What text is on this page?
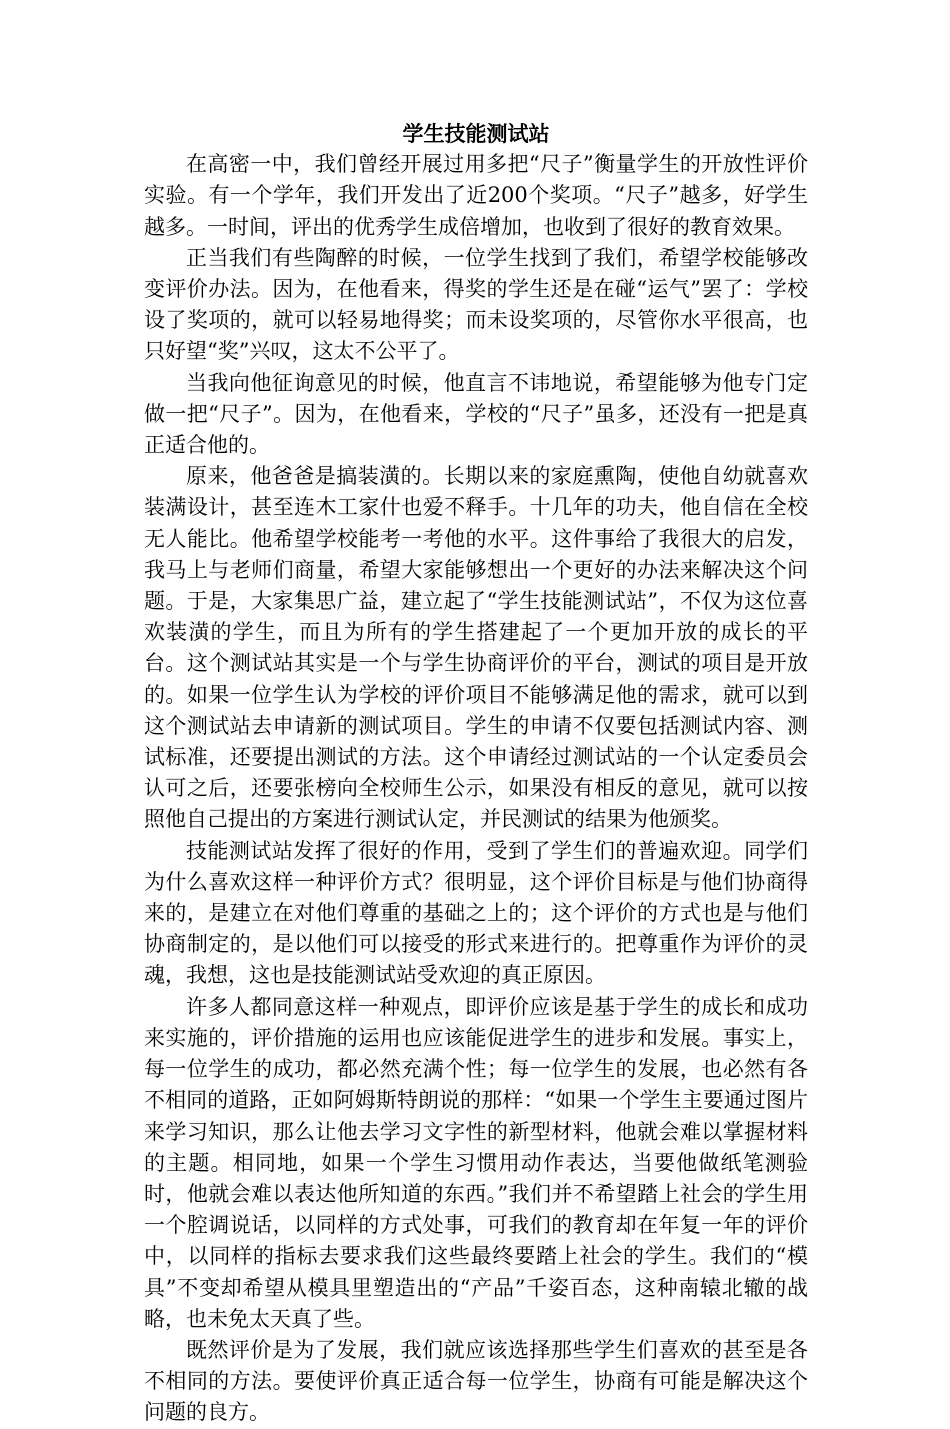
学生技能测试站

在高密一中，我们曾经开展过用多把“尺子”衡量学生的开放性评价实验。有一个学年，我们开发出了近200个奖项。“尺子”越多，好学生越多。一时间，评出的优秀学生成倍增加，也收到了很好的教育效果。

正当我们有些陶醉的时候，一位学生找到了我们，希望学校能够改变评价办法。因为，在他看来，得奖的学生还是在碰“运气”罢了：学校设了奖项的，就可以轻易地得奖；而未设奖项的，尽管你水平很高，也只好望“奖”兴叹，这太不公平了。

当我向他征询意见的时候，他直言不讳地说，希望能够为他专门定做一把“尺子”。因为，在他看来，学校的“尺子”虽多，还没有一把是真正适合他的。

原来，他爸爸是搞装潢的。长期以来的家庭熏陶，使他自幼就喜欢装满设计，甚至连木工家什也爱不释手。十几年的功夫，他自信在全校无人能比。他希望学校能考一考他的水平。这件事给了我很大的启发，我马上与老师们商量，希望大家能够想出一个更好的办法来解决这个问题。于是，大家集思广益，建立起了“学生技能测试站”，不仅为这位喜欢装潢的学生，而且为所有的学生搭建起了一个更加开放的成长的平台。这个测试站其实是一个与学生协商评价的平台，测试的项目是开放的。如果一位学生认为学校的评价项目不能够满足他的需求，就可以到这个测试站去申请新的测试项目。学生的申请不仅要包括测试内容、测试标准，还要提出测试的方法。这个申请经过测试站的一个认定委员会认可之后，还要张榜向全校师生公示，如果没有相反的意见，就可以按照他自己提出的方案进行测试认定，并民测试的结果为他颁奖。

技能测试站发挥了很好的作用，受到了学生们的普遍欢迎。同学们为什么喜欢这样一种评价方式？很明显，这个评价目标是与他们协商得来的，是建立在对他们尊重的基础之上的；这个评价的方式也是与他们协商制定的，是以他们可以接受的形式来进行的。把尊重作为评价的灵魂，我想，这也是技能测试站受欢迎的真正原因。

许多人都同意这样一种观点，即评价应该是基于学生的成长和成功来实施的，评价措施的运用也应该能促进学生的进步和发展。事实上，每一位学生的成功，都必然充满个性；每一位学生的发展，也必然有各不相同的道路，正如阿姆斯特朗说的那样：“如果一个学生主要通过图片来学习知识，那么让他去学习文字性的新型材料，他就会难以掌握材料的主题。相同地，如果一个学生习惯用动作表达，当要他做纸笔测验时，他就会难以表达他所知道的东西。”我们并不希望踏上社会的学生用一个腔调说话，以同样的方式处事，可我们的教育却在年复一年的评价中，以同样的指标去要求我们这些最终要踏上社会的学生。我们的“模具”不变却希望从模具里塑造出的“产品”千姿百态，这种南辕北辙的战略，也未免太天真了些。

既然评价是为了发展，我们就应该选择那些学生们喜欢的甚至是各不相同的方法。要使评价真正适合每一位学生，协商有可能是解决这个问题的良方。
